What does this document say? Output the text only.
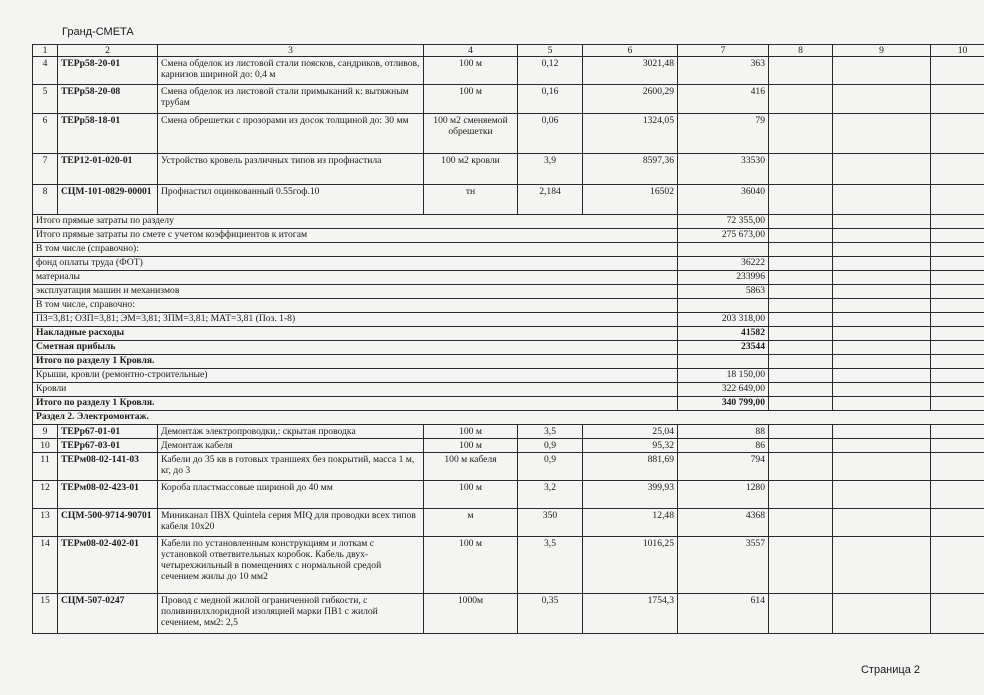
Гранд-СМЕТА
1	2	3	4	5	6	7	8	9	10
4	ТЕРр58-20-01	Смена обделок из листовой стали поясков, сандриков, отливов, карнизов шириной до: 0,4 м	100 м	0,12	3021,48	363			
5	ТЕРр58-20-08	Смена обделок из листовой стали примыканий к: вытяжным трубам	100 м	0,16	2600,29	416			
6	ТЕРр58-18-01	Смена обрешетки с прозорами из досок толщиной до: 30 мм	100 м2 сменяемой обрешетки	0,06	1324,05	79			
7	ТЕР12-01-020-01	Устройство кровель различных типов из профнастила	100 м2 кровли	3,9	8597,36	33530			
8	СЦМ-101-0829-00001	Профнастил оцинкованный 0.55гоф.10	тн	2,184	16502	36040			
Итого прямые затраты по разделу						72 355,00			
Итого прямые затраты по смете с учетом коэффициентов к итогам						275 673,00			
В том числе (справочно):									
фонд оплаты труда (ФОТ)						36222			
материалы						233996			
эксплуатация машин и механизмов						5863			
В том числе, справочно:									
ПЗ=3,81; ОЗП=3,81; ЭМ=3,81; ЗПМ=3,81; МАТ=3,81 (Поз. 1-8)						203 318,00			
Накладные расходы						41582			
Сметная прибыль						23544			
Итого по разделу 1 Кровля.									
Крыши, кровли (ремонтно-строительные)						18 150,00			
Кровли						322 649,00			
Итого по разделу 1 Кровля.						340 799,00			
Раздел 2. Электромонтаж.									
9	ТЕРр67-01-01	Демонтаж электропроводки,: скрытая проводка	100 м	3,5	25,04	88			
10	ТЕРр67-03-01	Демонтаж кабеля	100 м	0,9	95,32	86			
11	ТЕРм08-02-141-03	Кабели до 35 кв в готовых траншеях без покрытий, масса 1 м, кг, до 3	100 м кабеля	0,9	881,69	794			
12	ТЕРм08-02-423-01	Короба пластмассовые шириной до 40 мм	100 м	3,2	399,93	1280			
13	СЦМ-500-9714-90701	Миниканал ПВХ Quintela серия MIQ для проводки всех типов кабеля 10х20	м	350	12,48	4368			
14	ТЕРм08-02-402-01	Кабели по установленным конструкциям и лоткам с установкой ответвительных коробок. Кабель двух-четырехжильный в помещениях с нормальной средой сечением жилы до 10 мм2	100 м	3,5	1016,25	3557			
15	СЦМ-507-0247	Провод с медной жилой ограниченной гибкости, с поливинилхлоридной изоляцией марки ПВ1 с жилой сечением, мм2: 2,5	1000м	0,35	1754,3	614			
Страница 2
